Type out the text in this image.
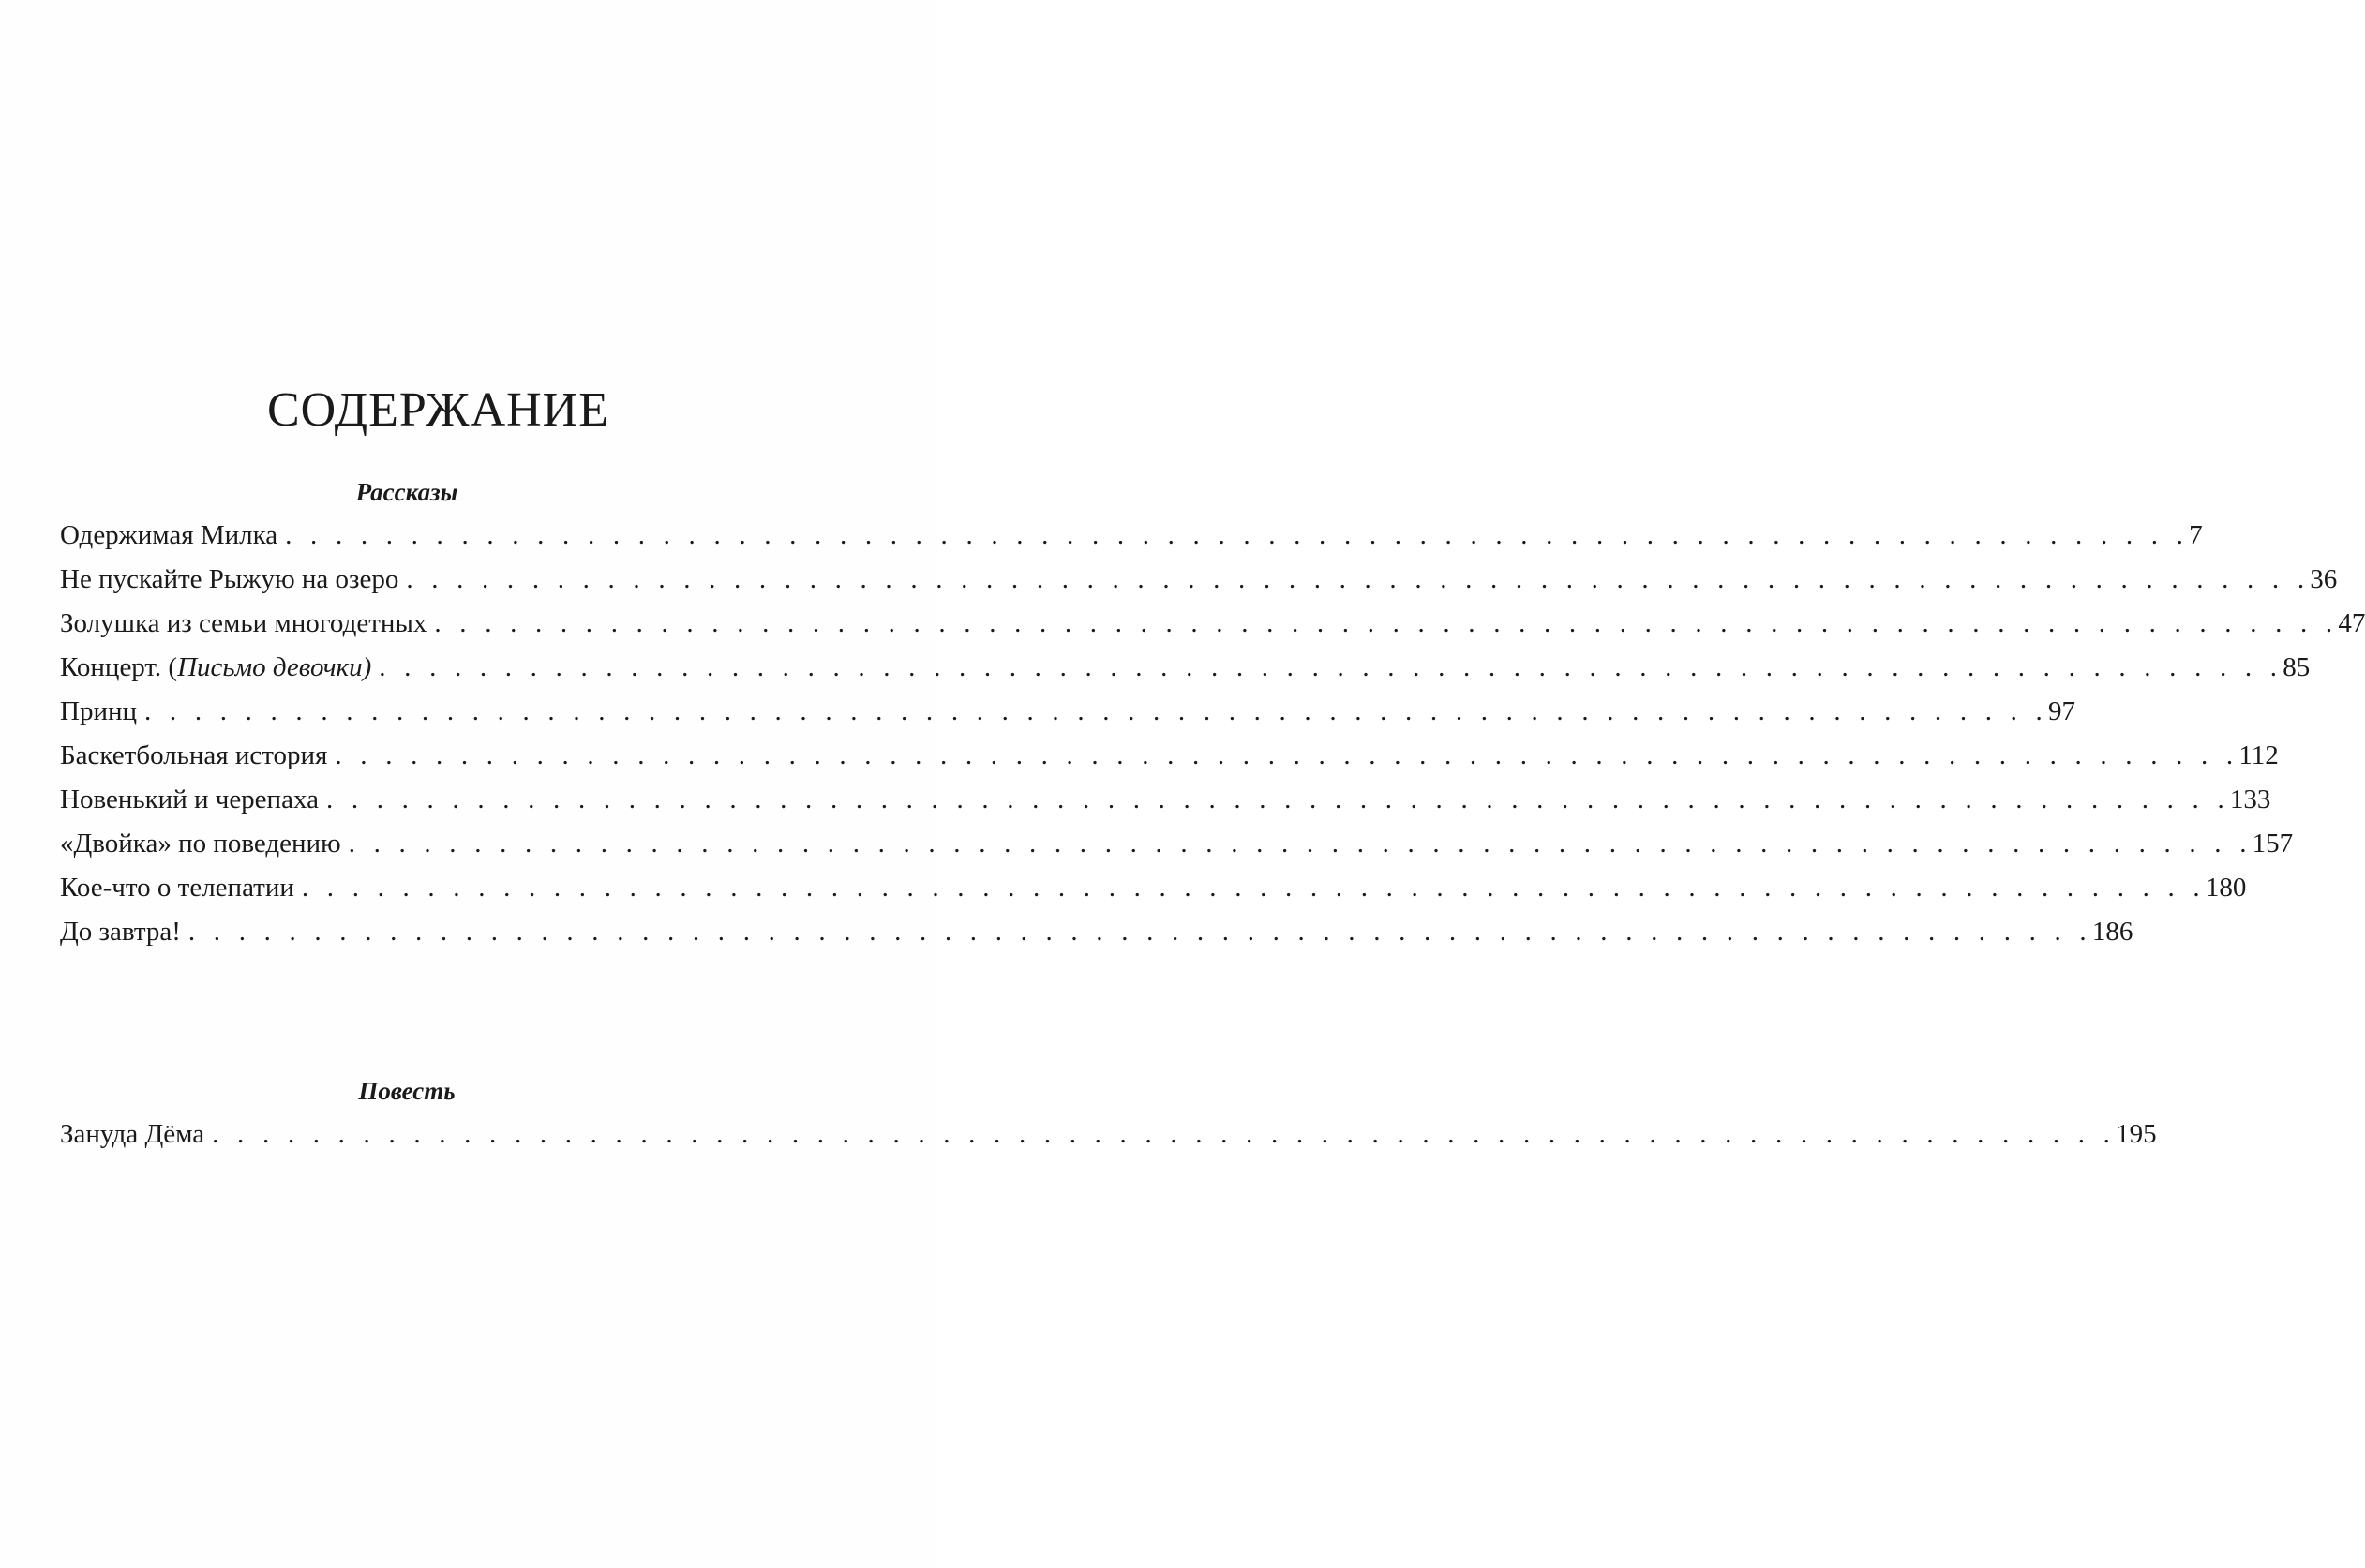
СОДЕРЖАНИЕ
Рассказы
Одержимая Милка . . . . . . . . . . . . . . . . . . . . . . . . . . . . . . . . . . . . . . . . . . . . . . . . . . . . . . . . . . . . . . . . . . . . . . . . . . . . 7
Не пускайте Рыжую на озеро . . . . . . . . . . . . . . . . . . . . . . . . . . . . . . . . . . . . . . . . . . . . . . . . . . . . . . . . . . . . . . . . . . . . . . . . . . . . 36
Золушка из семьи многодетных . . . . . . . . . . . . . . . . . . . . . . . . . . . . . . . . . . . . . . . . . . . . . . . . . . . . . . . . . . . . . . . . . . . . . . . . . . . . 47
Концерт. (Письмо девочки) . . . . . . . . . . . . . . . . . . . . . . . . . . . . . . . . . . . . . . . . . . . . . . . . . . . . . . . . . . . . . . . . . . . . . . . . . . . . 85
Принц . . . . . . . . . . . . . . . . . . . . . . . . . . . . . . . . . . . . . . . . . . . . . . . . . . . . . . . . . . . . . . . . . . . . . . . . . . . . 97
Баскетбольная история . . . . . . . . . . . . . . . . . . . . . . . . . . . . . . . . . . . . . . . . . . . . . . . . . . . . . . . . . . . . . . . . . . . . . . . . . . . . 112
Новенький и черепаха . . . . . . . . . . . . . . . . . . . . . . . . . . . . . . . . . . . . . . . . . . . . . . . . . . . . . . . . . . . . . . . . . . . . . . . . . . . . 133
«Двойка» по поведению . . . . . . . . . . . . . . . . . . . . . . . . . . . . . . . . . . . . . . . . . . . . . . . . . . . . . . . . . . . . . . . . . . . . . . . . . . . . 157
Кое-что о телепатии . . . . . . . . . . . . . . . . . . . . . . . . . . . . . . . . . . . . . . . . . . . . . . . . . . . . . . . . . . . . . . . . . . . . . . . . . . . . 180
До завтра! . . . . . . . . . . . . . . . . . . . . . . . . . . . . . . . . . . . . . . . . . . . . . . . . . . . . . . . . . . . . . . . . . . . . . . . . . . . . 186
Повесть
Зануда Дёма . . . . . . . . . . . . . . . . . . . . . . . . . . . . . . . . . . . . . . . . . . . . . . . . . . . . . . . . . . . . . . . . . . . . . . . . . . . . 195
